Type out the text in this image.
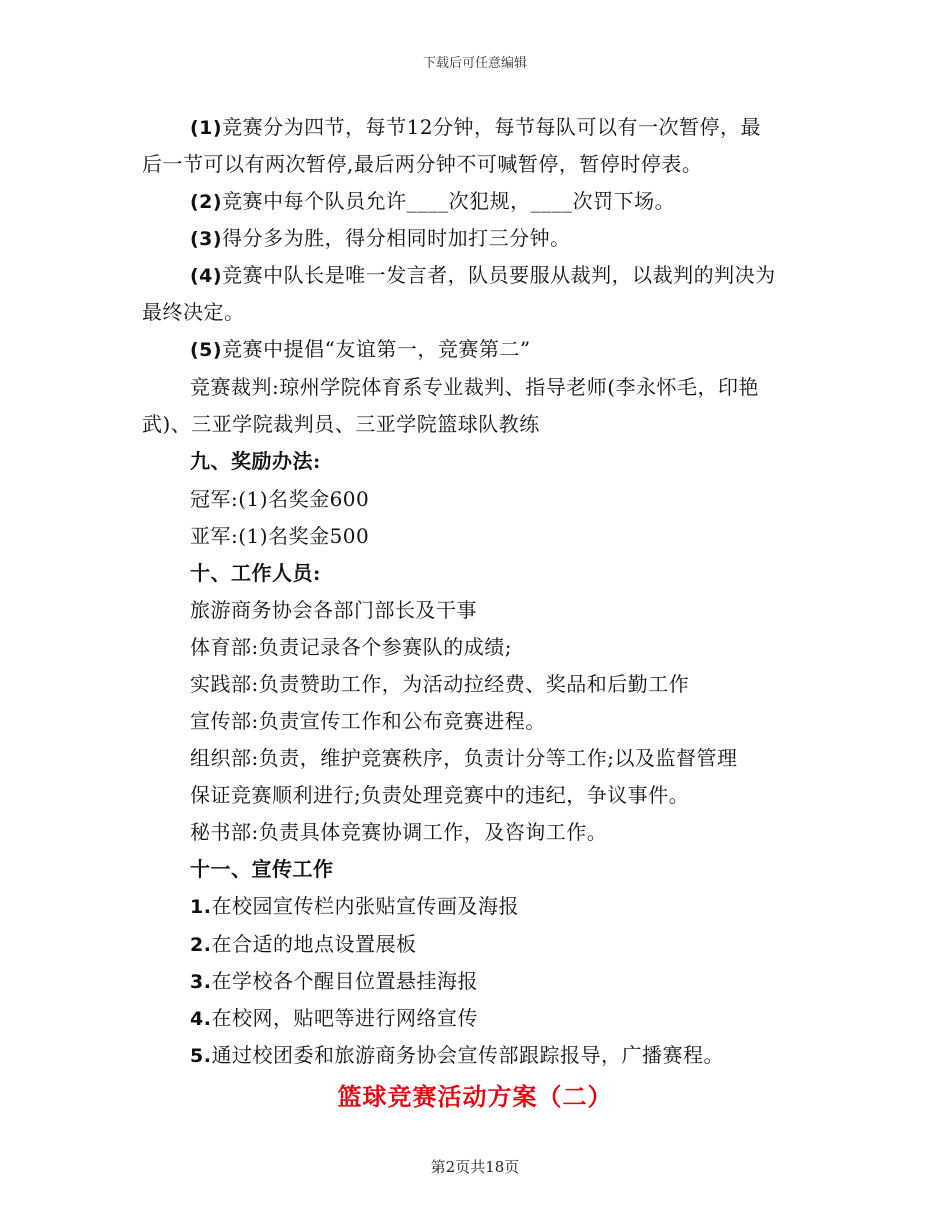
下载后可任意编辑
(1)竞赛分为四节，每节12分钟，每节每队可以有一次暂停，最
后一节可以有两次暂停,最后两分钟不可喊暂停，暂停时停表。
(2)竞赛中每个队员允许____次犯规，____次罚下场。
(3)得分多为胜，得分相同时加打三分钟。
(4)竞赛中队长是唯一发言者，队员要服从裁判，以裁判的判决为
最终决定。
(5)竞赛中提倡“友谊第一，竞赛第二”
竞赛裁判:琼州学院体育系专业裁判、指导老师(李永怀毛，印艳
武)、三亚学院裁判员、三亚学院篮球队教练
九、奖励办法:
冠军:(1)名奖金600
亚军:(1)名奖金500
十、工作人员:
旅游商务协会各部门部长及干事
体育部:负责记录各个参赛队的成绩;
实践部:负责赞助工作，为活动拉经费、奖品和后勤工作
宣传部:负责宣传工作和公布竞赛进程。
组织部:负责，维护竞赛秩序，负责计分等工作;以及监督管理
保证竞赛顺利进行;负责处理竞赛中的违纪，争议事件。
秘书部:负责具体竞赛协调工作，及咨询工作。
十一、宣传工作
1.在校园宣传栏内张贴宣传画及海报
2.在合适的地点设置展板
3.在学校各个醒目位置悬挂海报
4.在校网，贴吧等进行网络宣传
5.通过校团委和旅游商务协会宣传部跟踪报导，广播赛程。
篮球竞赛活动方案（二）
第2页共18页
